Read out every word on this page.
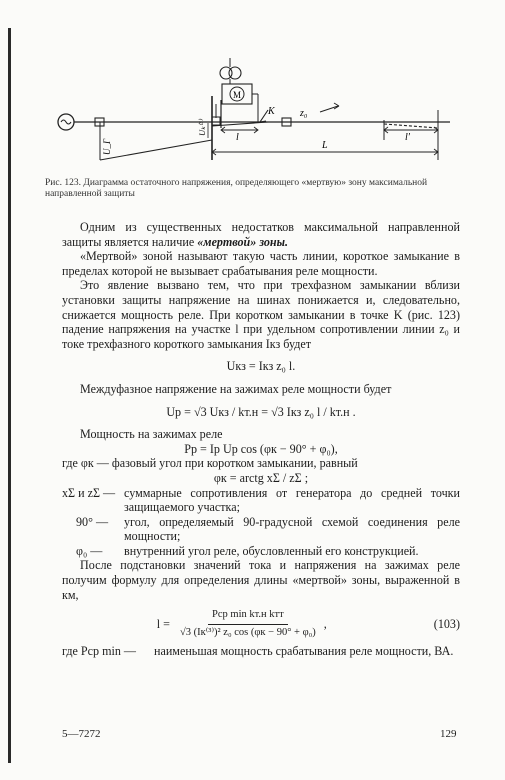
М
К	z₀
Uₖ⁽³⁾
U_Г
l	l′
L
Рис. 123. Диаграмма остаточного напряжения, определяющего «мертвую» зону максимальной направленной защиты

Одним из существенных недостатков максимальной направленной защиты является наличие «мертвой» зоны.

«Мертвой» зоной называют такую часть линии, короткое замыкание в пределах которой не вызывает срабатывания реле мощности.

Это явление вызвано тем, что при трехфазном замыкании вблизи установки защиты напряжение на шинах понижается и, следовательно, снижается мощность реле. При коротком замыкании в точке K (рис. 123) падение напряжения на участке l при удельном сопротивлении линии z₀ и токе трехфазного короткого замыкания Iкз будет

Uкз = Iкз z₀ l.

Междуфазное напряжение на зажимах реле мощности будет

Uр = √3 Uкз / kт.н = √3 Iкз z₀ l / kт.н .

Мощность на зажимах реле

Pр = Iр Uр cos (φк − 90° + φ₀),

где φк — фазовый угол при коротком замыкании, равный

φк = arctg xΣ / zΣ ;

xΣ и zΣ — суммарные сопротивления от генератора до средней точки защищаемого участка;
90° —	угол, определяемый 90-градусной схемой соединения реле мощности;
φ₀ —	внутренний угол реле, обусловленный его конструкцией.

После подстановки значений тока и напряжения на зажимах реле получим формулу для определения длины «мертвой» зоны, выраженной в км,

$l = \frac{\text{Pср min kт.н kтт}}{\text{√3 (Iк⁽³⁾)² z₀ cos (φк − 90° + φ₀)}}$ ,	(103)
где Pср min —	наименьшая мощность срабатывания реле мощности, ВА.
5—7272	129
